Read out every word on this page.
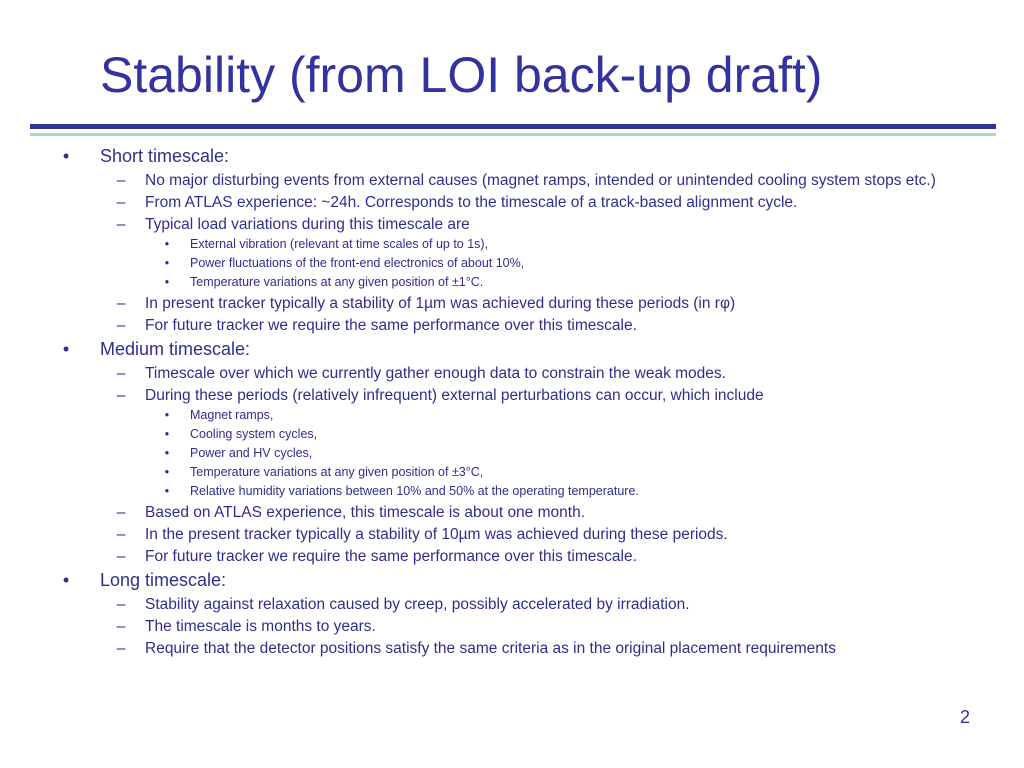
Stability (from LOI back-up draft)
• Short timescale:
– No major disturbing events from external causes (magnet ramps, intended or unintended cooling system stops etc.)
– From ATLAS experience: ~24h. Corresponds to the timescale of a track-based alignment cycle.
– Typical load variations during this timescale are
• External vibration (relevant at time scales of up to 1s),
• Power fluctuations of the front-end electronics of about 10%,
• Temperature variations at any given position of ±1°C.
– In present tracker typically a stability of 1µm was achieved during these periods (in rφ)
– For future tracker we require the same performance over this timescale.
• Medium timescale:
– Timescale over which we currently gather enough data to constrain the weak modes.
– During these periods (relatively infrequent) external perturbations can occur, which include
• Magnet ramps,
• Cooling system cycles,
• Power and HV cycles,
• Temperature variations at any given position of ±3°C,
• Relative humidity variations between 10% and 50% at the operating temperature.
– Based on ATLAS experience, this timescale is about one month.
– In the present tracker typically a stability of 10µm was achieved during these periods.
– For future tracker we require the same performance over this timescale.
• Long timescale:
– Stability against relaxation caused by creep, possibly accelerated by irradiation.
– The timescale is months to years.
– Require that the detector positions satisfy the same criteria as in the original placement requirements
2
